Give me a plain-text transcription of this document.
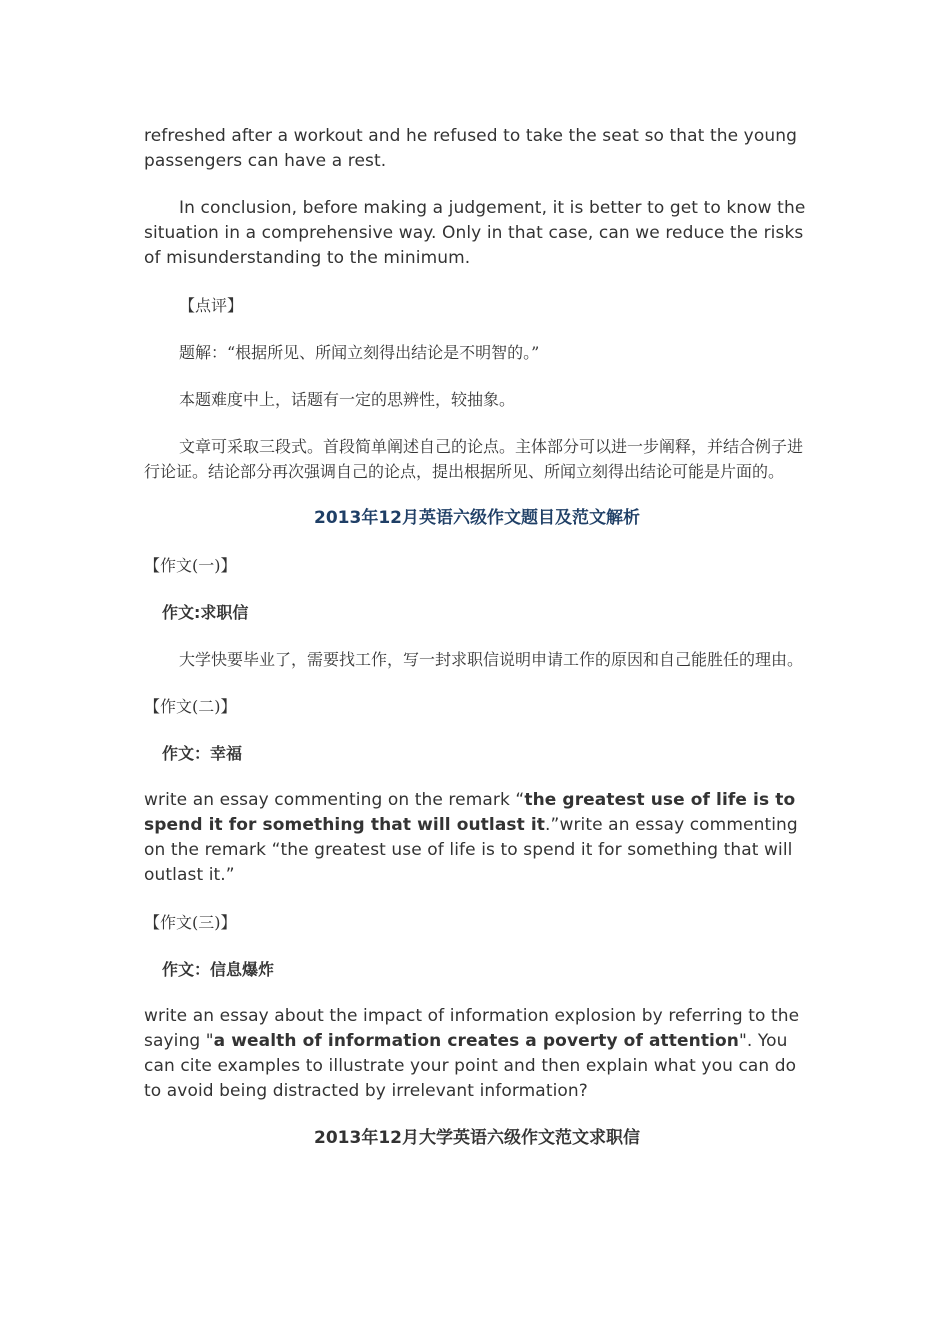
refreshed after a workout and he refused to take the seat so that the young passengers can have a rest.

In conclusion, before making a judgement, it is better to get to know the situation in a comprehensive way. Only in that case, can we reduce the risks of misunderstanding to the minimum.

【点评】

题解：“根据所见、所闻立刻得出结论是不明智的。”

本题难度中上，话题有一定的思辨性，较抽象。

文章可采取三段式。首段简单阐述自己的论点。主体部分可以进一步阐释，并结合例子进行论证。结论部分再次强调自己的论点，提出根据所见、所闻立刻得出结论可能是片面的。

2013年12月英语六级作文题目及范文解析

【作文(一)】

作文:求职信

大学快要毕业了，需要找工作，写一封求职信说明申请工作的原因和自己能胜任的理由。

【作文(二)】

作文：幸福

write an essay commenting on the remark “the greatest use of life is to spend it for something that will outlast it.”write an essay commenting on the remark “the greatest use of life is to spend it for something that will outlast it.”

【作文(三)】

作文：信息爆炸

write an essay about the impact of information explosion by referring to the saying "a wealth of information creates a poverty of attention". You can cite examples to illustrate your point and then explain what you can do to avoid being distracted by irrelevant information?

2013年12月大学英语六级作文范文求职信
